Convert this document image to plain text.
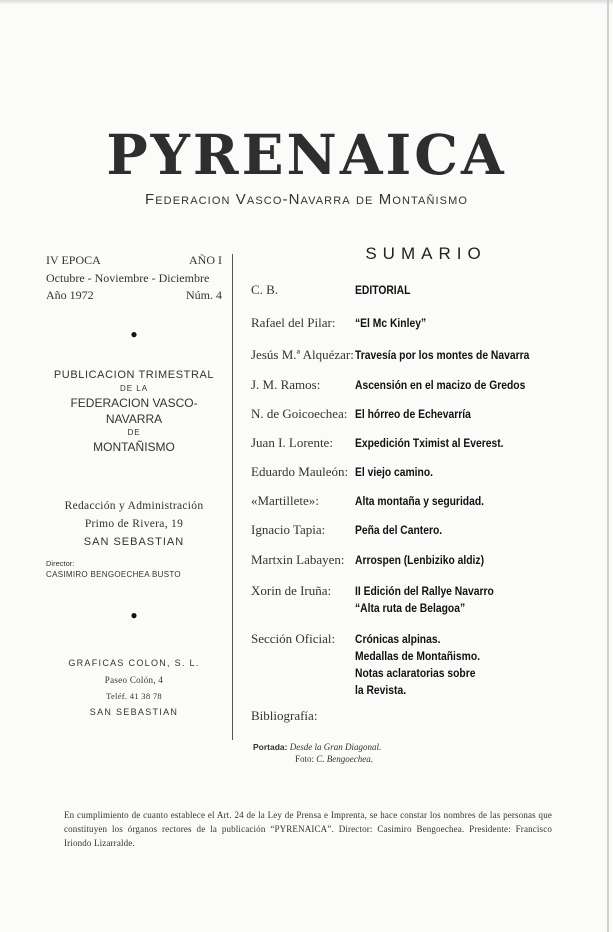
PYRENAICA
Federacion Vasco-Navarra de Montañismo
IV EPOCA	AÑO I
Octubre - Noviembre - Diciembre
Año 1972	Núm. 4
●
PUBLICACION TRIMESTRAL
DE LA
FEDERACION VASCO-NAVARRA
DE
MONTAÑISMO
Redacción y Administración
Primo de Rivera, 19
SAN SEBASTIAN
Director:
CASIMIRO BENGOECHEA BUSTO
●
GRAFICAS COLON, S. L.
Paseo Colón, 4
Teléf. 41 38 78
SAN SEBASTIAN
SUMARIO
C. B.	EDITORIAL
Rafael del Pilar: “El Mc Kinley”
Jesús M.ª Alquézar: Travesía por los montes de Navarra
J. M. Ramos:	Ascensión en el macizo de Gredos
N. de Goicoechea: El hórreo de Echevarría
Juan I. Lorente: Expedición Tximist al Everest.
Eduardo Mauleón: El viejo camino.
«Martillete»:	Alta montaña y seguridad.
Ignacio Tapia: Peña del Cantero.
Martxin Labayen: Arrospen (Lenbiziko aldiz)
Xorin de Iruña: II Edición del Rallye Navarro
“Alta ruta de Belagoa”
Sección Oficial: Crónicas alpinas.
Medallas de Montañismo.
Notas aclaratorias sobre
la Revista.
Bibliografía:
Portada: Desde la Gran Diagonal.
Foto: C. Bengoechea.
En cumplimiento de cuanto establece el Art. 24 de la Ley de Prensa e Imprenta, se hace constar los nombres de las personas que constituyen los órganos rectores de la publicación “PYRENAICA”. Director: Casimiro Bengoechea. Presidente: Francisco Iriondo Lizarralde.
